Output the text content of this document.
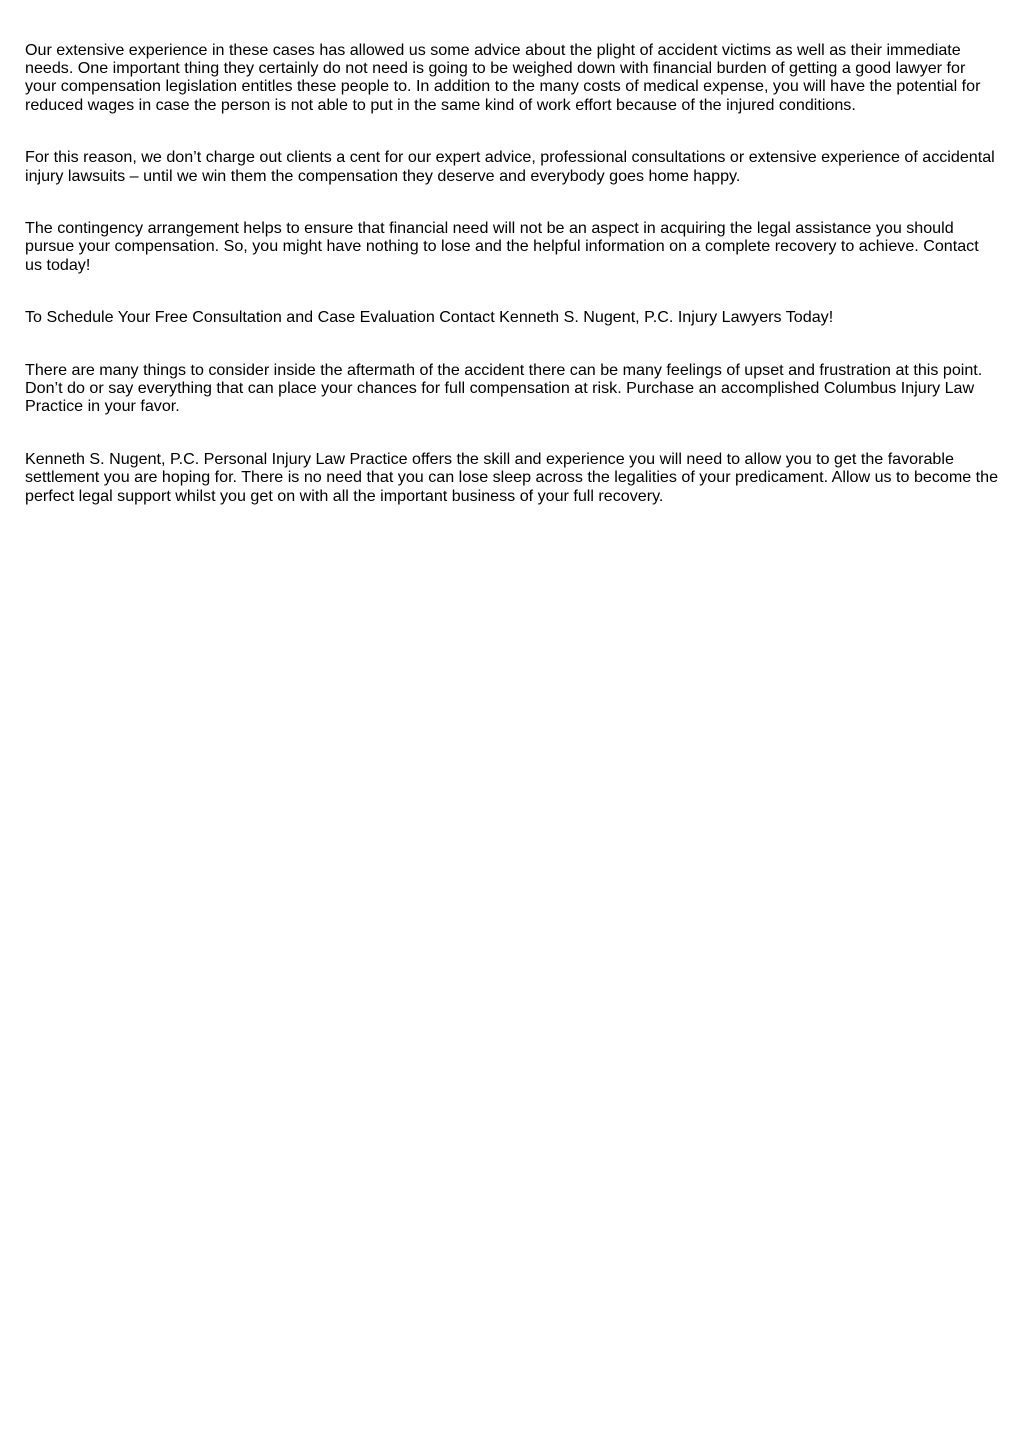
Our extensive experience in these cases has allowed us some advice about the plight of accident victims as well as their immediate needs. One important thing they certainly do not need is going to be weighed down with financial burden of getting a good lawyer for your compensation legislation entitles these people to. In addition to the many costs of medical expense, you will have the potential for reduced wages in case the person is not able to put in the same kind of work effort because of the injured conditions.

For this reason, we don’t charge out clients a cent for our expert advice, professional consultations or extensive experience of accidental injury lawsuits – until we win them the compensation they deserve and everybody goes home happy.

The contingency arrangement helps to ensure that financial need will not be an aspect in acquiring the legal assistance you should pursue your compensation. So, you might have nothing to lose and the helpful information on a complete recovery to achieve. Contact us today!

To Schedule Your Free Consultation and Case Evaluation Contact Kenneth S. Nugent, P.C. Injury Lawyers Today!

There are many things to consider inside the aftermath of the accident there can be many feelings of upset and frustration at this point. Don’t do or say everything that can place your chances for full compensation at risk. Purchase an accomplished Columbus Injury Law Practice in your favor.

Kenneth S. Nugent, P.C. Personal Injury Law Practice offers the skill and experience you will need to allow you to get the favorable settlement you are hoping for. There is no need that you can lose sleep across the legalities of your predicament. Allow us to become the perfect legal support whilst you get on with all the important business of your full recovery.
